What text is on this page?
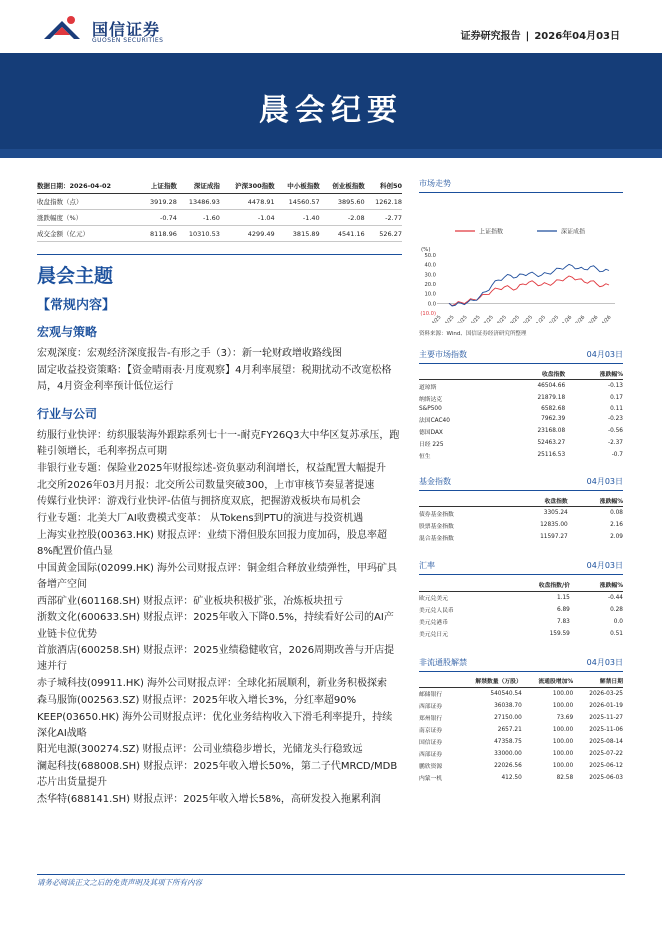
国信证券
GUOSEN SECURITIES	证券研究报告 | 2026年04月03日
晨会纪要
数据日期：2026-04-02	上证指数	深证成指	沪深300指数	中小板指数	创业板指数	科创50
收盘指数（点）	3919.28	13486.93	4478.91	14560.57	3895.60	1262.18
涨跌幅度（%）	-0.74	-1.60	-1.04	-1.40	-2.08	-2.77
成交金额（亿元）	8118.96	10310.53	4299.49	3815.89	4541.16	526.27
晨会主题
【常规内容】
宏观与策略
宏观深度：宏观经济深度报告-有形之手（3）：新一轮财政增收路线图
固定收益投资策略：【资金晴雨表·月度观察】4月利率展望：税期扰动不改宽松格局，4月资金利率预计低位运行
行业与公司
纺服行业快评：纺织服装海外跟踪系列七十一-耐克FY26Q3大中华区复苏承压，跑鞋引领增长，毛利率拐点可期
非银行业专题：保险业2025年财报综述-资负驱动利润增长，权益配置大幅提升
北交所2026年03月月报：北交所公司数量突破300，上市审核节奏显著提速
传媒行业快评：游戏行业快评-估值与拥挤度双底，把握游戏板块布局机会
行业专题：北美大厂AI收费模式变革： 从Tokens到PTU的演进与投资机遇
上海实业控股(00363.HK) 财报点评：业绩下滑但股东回报力度加码，股息率超8%配置价值凸显
中国黄金国际(02099.HK) 海外公司财报点评：铜金组合释放业绩弹性，甲玛矿具备增产空间
西部矿业(601168.SH) 财报点评：矿业板块积极扩张，冶炼板块扭亏
浙数文化(600633.SH) 财报点评：2025年收入下降0.5%，持续看好公司的AI产业链卡位优势
首旅酒店(600258.SH) 财报点评：2025业绩稳健收官，2026周期改善与开店提速并行
赤子城科技(09911.HK) 海外公司财报点评：全球化拓展顺利，新业务积极探索
森马服饰(002563.SZ) 财报点评：2025年收入增长3%，分红率超90%
KEEP(03650.HK) 海外公司财报点评：优化业务结构收入下滑毛利率提升，持续深化AI战略
阳光电源(300274.SZ) 财报点评：公司业绩稳步增长，光储龙头行稳致远
澜起科技(688008.SH) 财报点评：2025年收入增长50%，第二子代MRCD/MDB芯片出货量提升
杰华特(688141.SH) 财报点评：2025年收入增长58%，高研发投入拖累利润
市场走势
上证指数	深证成指
(%)
50.0
40.0
30.0
20.0
10.0
0.0
(10.0)
M/25 4/25 5/25 6/25 7/25 8/25 9/25 10/25 11/25 12/25 1/26 2/26 3/26 4/26
资料来源：Wind、国信证券经济研究所整理
主要市场指数	04月03日
	收盘指数	涨跌幅%
道琼斯	46504.66	-0.13
纳斯达克	21879.18	0.17
S&P500	6582.68	0.11
法国CAC40	7962.39	-0.23
德国DAX	23168.08	-0.56
日经 225	52463.27	-2.37
恒生	25116.53	-0.7
基金指数	04月03日
	收盘指数	涨跌幅%
债券基金指数	3305.24	0.08
股票基金指数	12835.00	2.16
混合基金指数	11597.27	2.09
汇率	04月03日
	收盘指数/价	涨跌幅%
欧元兑美元	1.15	-0.44
美元兑人民币	6.89	0.28
美元兑港币	7.83	0.0
美元兑日元	159.59	0.51
非流通股解禁	04月03日
	解禁数量（万股）	流通股增加%	解禁日期
邮储银行	540540.54	100.00	2026-03-25
西部证券	36038.70	100.00	2026-01-19
郑州银行	27150.00	73.69	2025-11-27
南京证券	2657.21	100.00	2025-11-06
国信证券	47358.75	100.00	2025-08-14
西部证券	33000.00	100.00	2025-07-22
鹏欣资源	22026.56	100.00	2025-06-12
内蒙一机	412.50	82.58	2025-06-03
请务必阅读正文之后的免责声明及其项下所有内容
